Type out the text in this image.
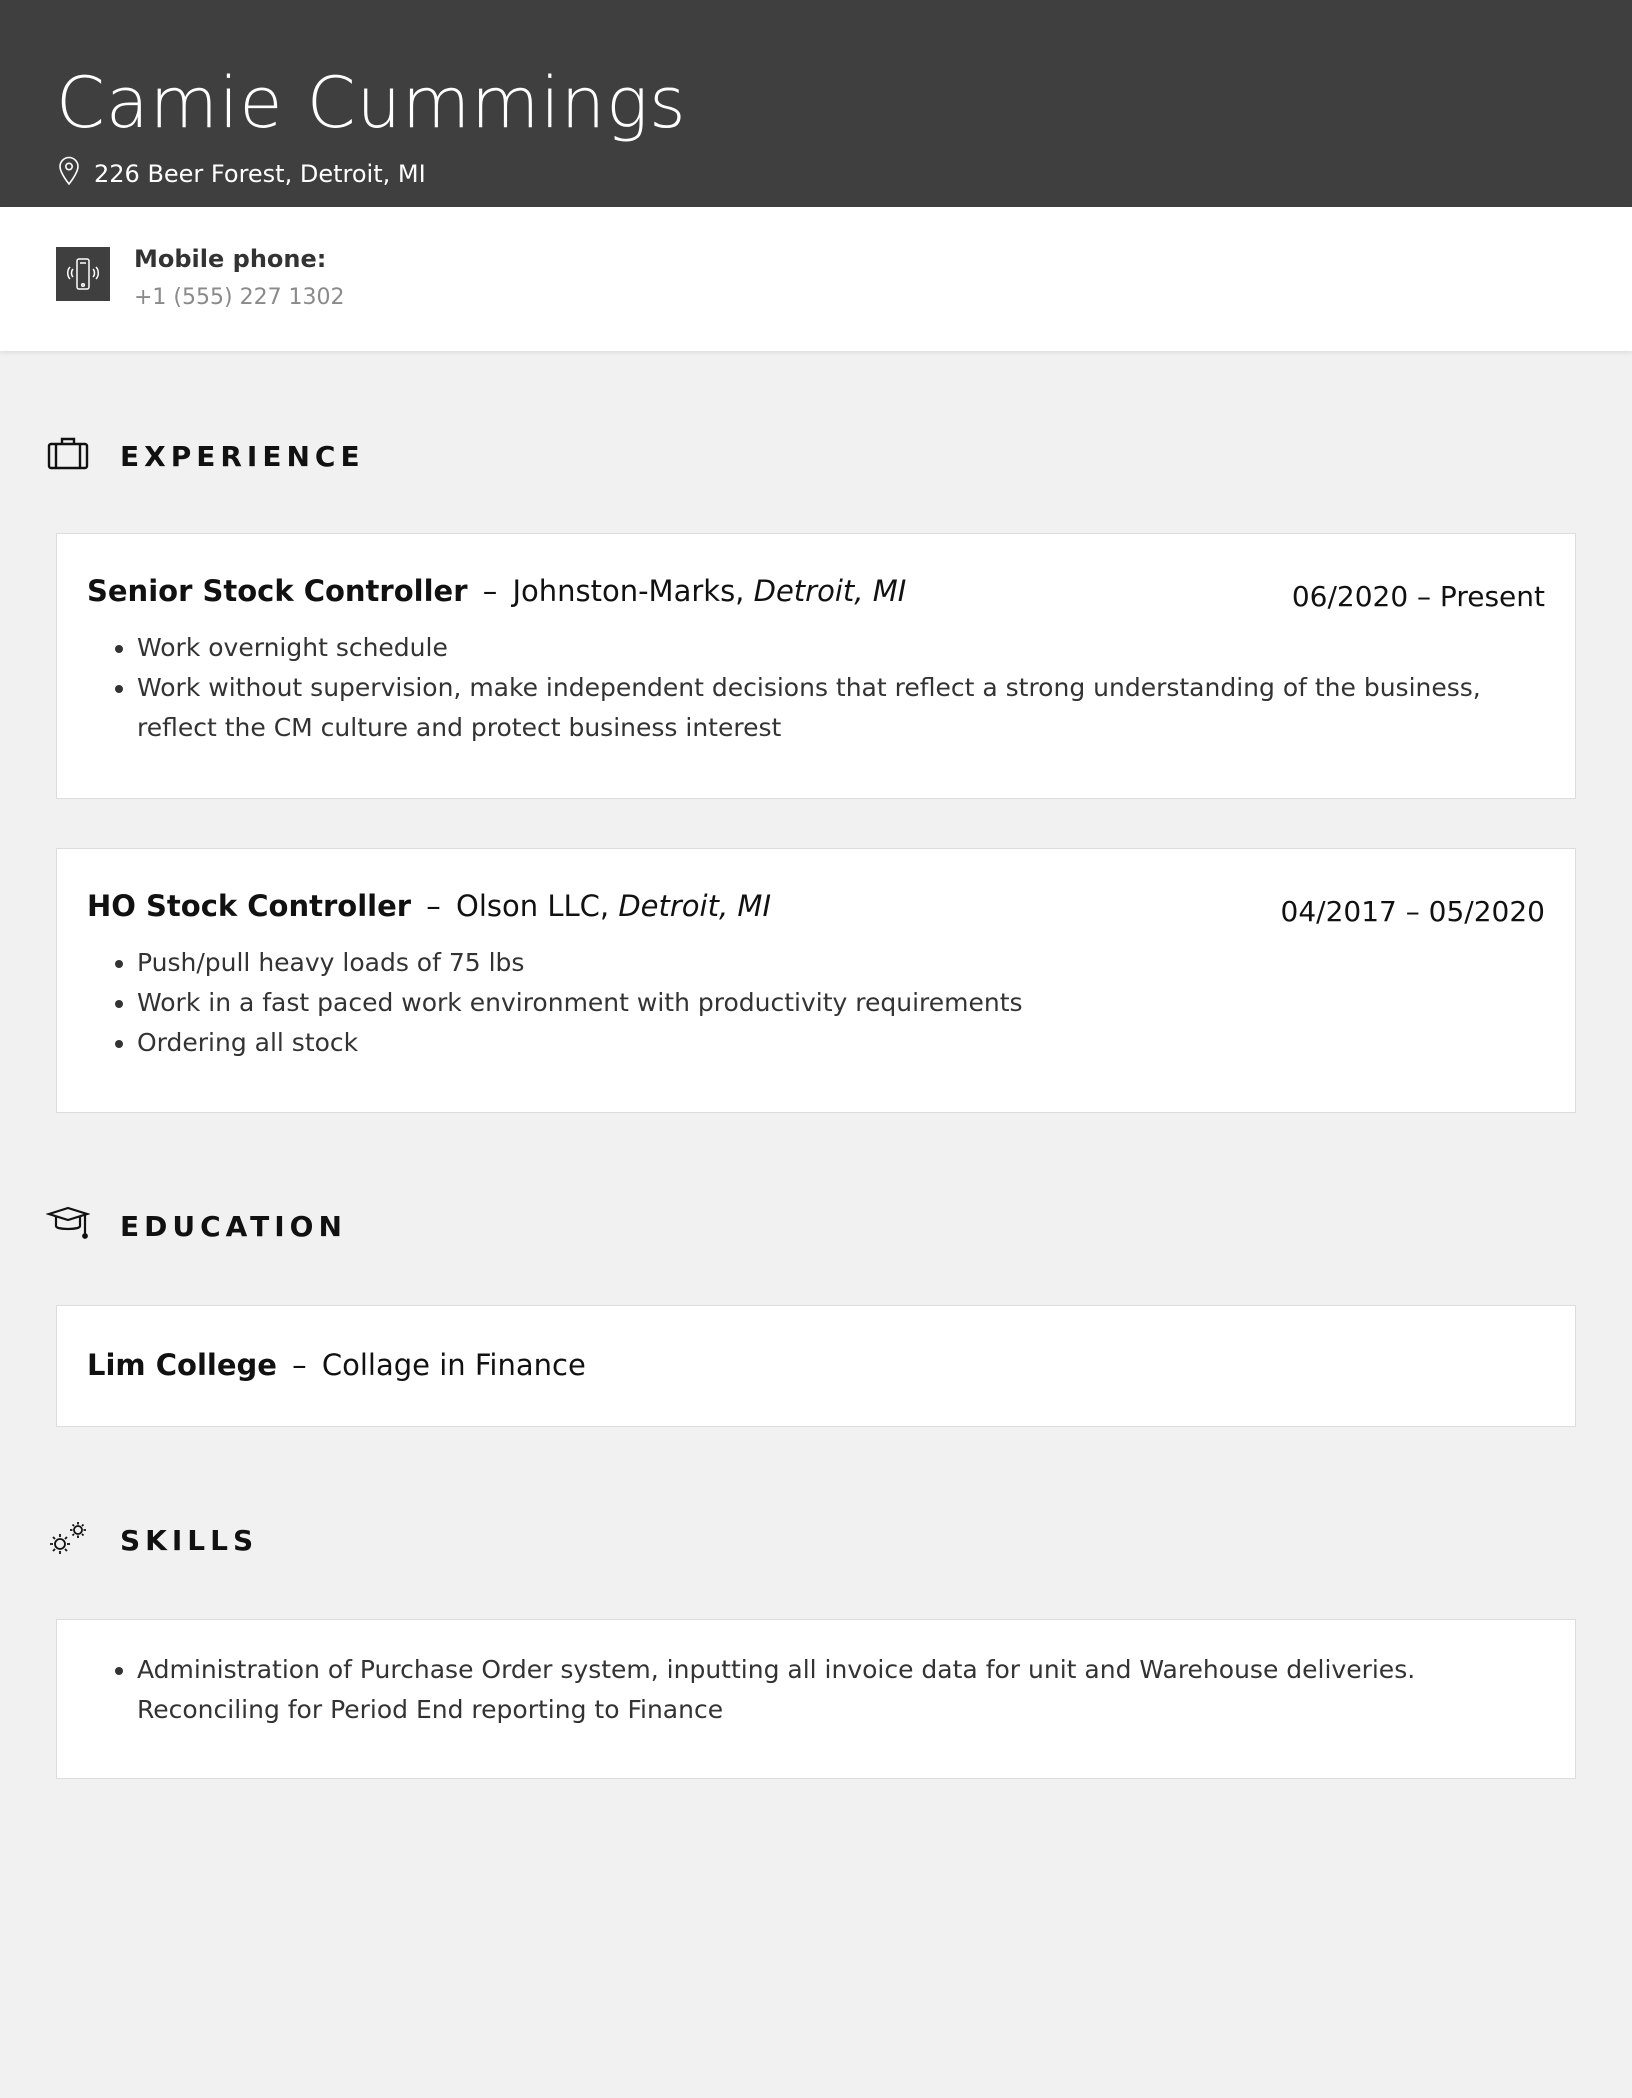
Camie Cummings
226 Beer Forest, Detroit, MI
Mobile phone:
+1 (555) 227 1302
EXPERIENCE
Senior Stock Controller – Johnston-Marks, Detroit, MI	06/2020 – Present
• Work overnight schedule
• Work without supervision, make independent decisions that reflect a strong understanding of the business, reflect the CM culture and protect business interest
HO Stock Controller – Olson LLC, Detroit, MI	04/2017 – 05/2020
• Push/pull heavy loads of 75 lbs
• Work in a fast paced work environment with productivity requirements
• Ordering all stock
EDUCATION
Lim College – Collage in Finance
SKILLS
• Administration of Purchase Order system, inputting all invoice data for unit and Warehouse deliveries. Reconciling for Period End reporting to Finance
